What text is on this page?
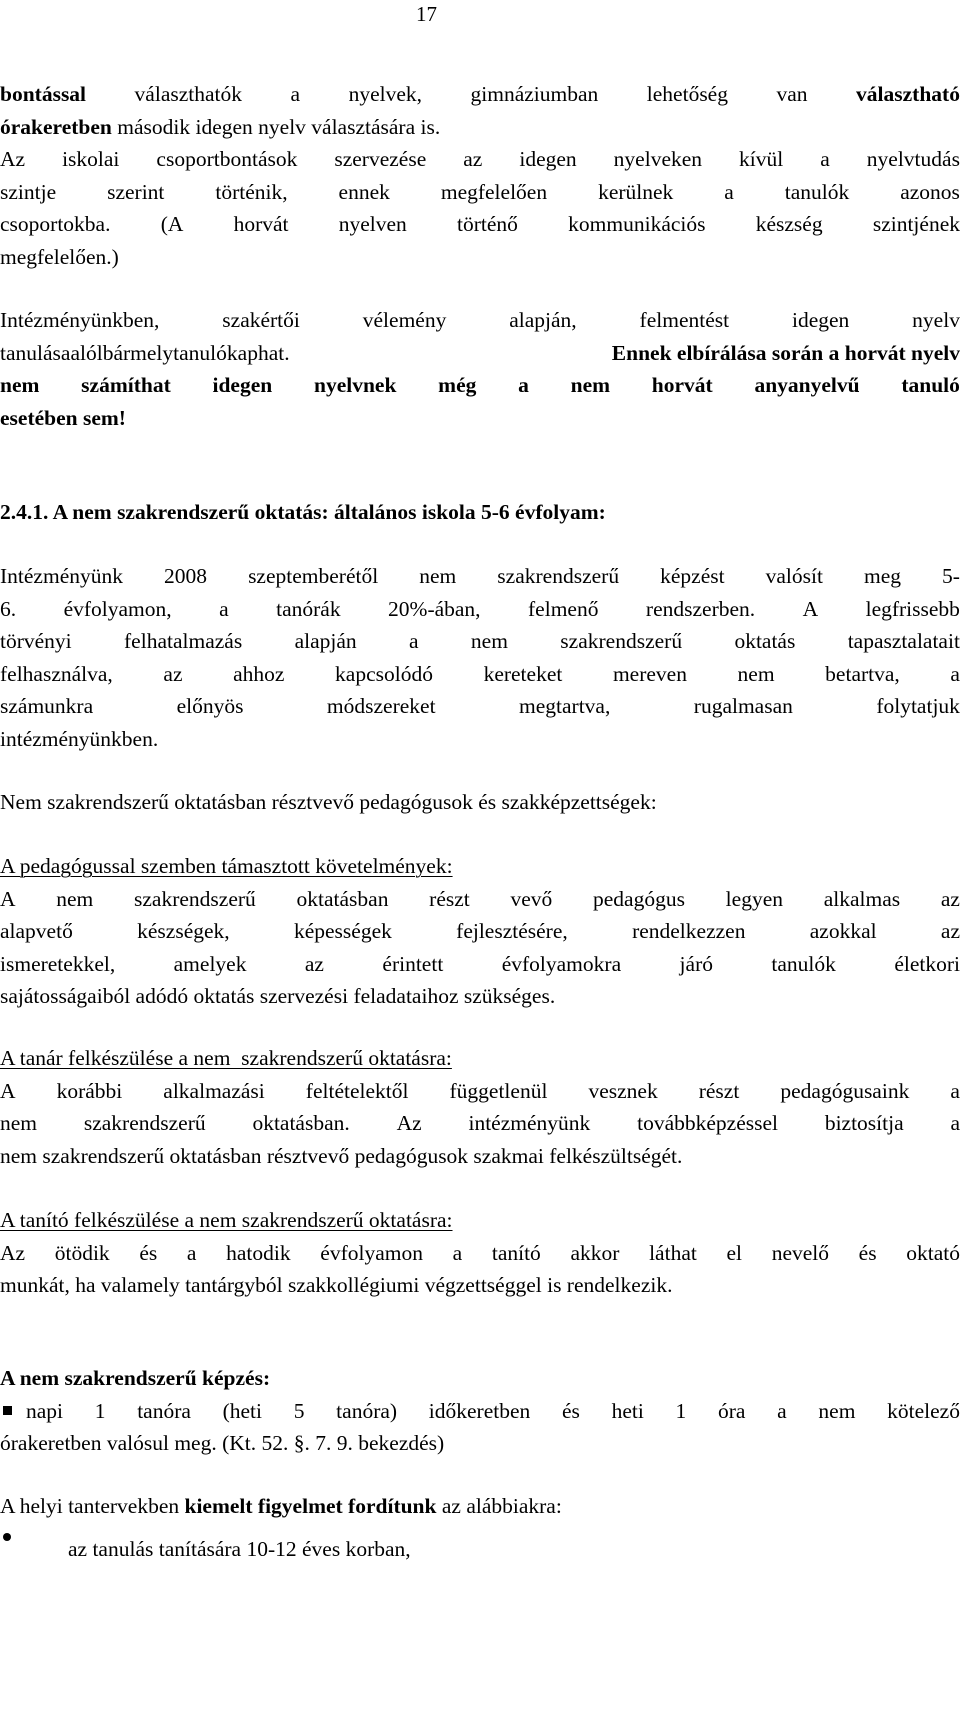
17
bontással választhatók a nyelvek, gimnáziumban lehetőség van választható
órakeretben második idegen nyelv választására is.
Az iskolai csoportbontások szervezése az idegen nyelveken kívül a nyelvtudás
szintje szerint történik, ennek megfelelően kerülnek a tanulók azonos
csoportokba. (A horvát nyelven történő kommunikációs készség szintjének
megfelelően.)
Intézményünkben,	szakértői	vélemény	alapján,	felmentést	idegen	nyelv
tanulása alól bármely tanuló kaphat.	Ennek elbírálása során a horvát nyelv
nem számíthat idegen nyelvnek még a nem horvát anyanyelvű tanuló
esetében sem!
2.4.1. A nem szakrendszerű oktatás: általános iskola 5-6 évfolyam:
Intézményünk 2008 szeptemberétől nem szakrendszerű képzést valósít meg 5-
6. évfolyamon, a tanórák 20%-ában, felmenő rendszerben. A legfrissebb
törvényi felhatalmazás alapján a nem szakrendszerű oktatás tapasztalatait
felhasználva, az ahhoz kapcsolódó kereteket mereven nem betartva, a
számunkra	előnyös	módszereket	megtartva,	rugalmasan	folytatjuk
intézményünkben.
Nem szakrendszerű oktatásban résztvevő pedagógusok és szakképzettségek:
A pedagógussal szemben támasztott követelmények:
A nem szakrendszerű oktatásban részt vevő pedagógus legyen alkalmas az
alapvető	készségek,	képességek	fejlesztésére,	rendelkezzen	azokkal	az
ismeretekkel,	amelyek	az	érintett	évfolyamokra	járó	tanulók	életkori
sajátosságaiból adódó oktatás szervezési feladataihoz szükséges.
A tanár felkészülése a nem  szakrendszerű oktatásra:
A korábbi alkalmazási feltételektől függetlenül vesznek részt pedagógusaink a
nem szakrendszerű oktatásban. Az intézményünk továbbképzéssel biztosítja a
nem szakrendszerű oktatásban résztvevő pedagógusok szakmai felkészültségét.
A tanító felkészülése a nem szakrendszerű oktatásra:
Az ötödik és a hatodik évfolyamon a tanító akkor láthat el nevelő és oktató
munkát, ha valamely tantárgyból szakkollégiumi végzettséggel is rendelkezik.
A nem szakrendszerű képzés:
napi 1 tanóra (heti 5 tanóra) időkeretben és heti 1 óra a nem kötelező
órakeretben valósul meg. (Kt. 52. §. 7. 9. bekezdés)
A helyi tantervekben kiemelt figyelmet fordítunk az alábbiakra:
az tanulás tanítására 10-12 éves korban,
